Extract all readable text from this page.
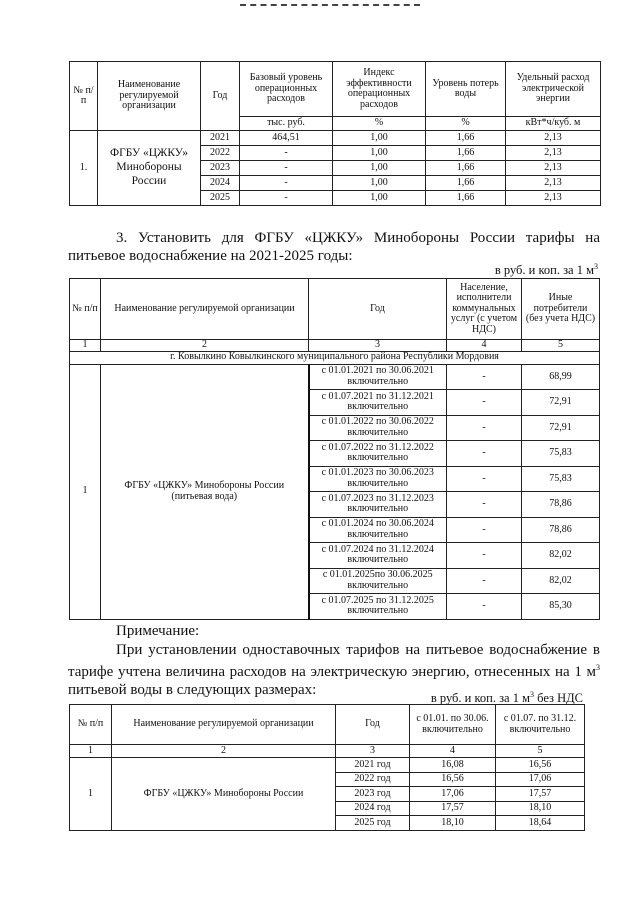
№ п/п	Наименование регулируемой организации	Год	Базовый уровень операционных расходов	Индекс эффективности операционных расходов	Уровень потерь воды	Удельный расход электрической энергии
			тыс. руб.	%	%	кВт*ч/куб. м
1.	ФГБУ «ЦЖКУ» Минобороны России	2021	464,51	1,00	1,66	2,13
		2022	-	1,00	1,66	2,13
		2023	-	1,00	1,66	2,13
		2024	-	1,00	1,66	2,13
		2025	-	1,00	1,66	2,13
3. Установить для ФГБУ «ЦЖКУ» Минобороны России тарифы на питьевое водоснабжение на 2021-2025 годы:
в руб. и коп. за 1 $м^3$
№ п/п	Наименование регулируемой организации	Год	Население, исполнители коммунальных услуг (с учетом НДС)	Иные потребители (без учета НДС)
1	2	3	4	5
г. Ковылкино Ковылкинского муниципального района Республики Мордовия				
1	ФГБУ «ЦЖКУ» Минобороны России (питьевая вода)	с 01.01.2021 по 30.06.2021 включительно	-	68,99
		с 01.07.2021 по 31.12.2021 включительно	-	72,91
		с 01.01.2022 по 30.06.2022 включительно	-	72,91
		с 01.07.2022 по 31.12.2022 включительно	-	75,83
		с 01.01.2023 по 30.06.2023 включительно	-	75,83
		с 01.07.2023 по 31.12.2023 включительно	-	78,86
		с 01.01.2024 по 30.06.2024 включительно	-	78,86
		с 01.07.2024 по 31.12.2024 включительно	-	82,02
		с 01.01.2025по 30.06.2025 включительно	-	82,02
		с 01.07.2025 по 31.12.2025 включительно	-	85,30
Примечание:
При установлении одноставочных тарифов на питьевое водоснабжение в тарифе учтена величина расходов на электрическую энергию, отнесенных на 1 $м^3$ питьевой воды в следующих размерах:
в руб. и коп. за 1 $м^3$ без НДС
№ п/п	Наименование регулируемой организации	Год	с 01.01. по 30.06. включительно	с 01.07. по 31.12. включительно
1	2	3	4	5
1	ФГБУ «ЦЖКУ» Минобороны России	2021 год	16,08	16,56
		2022 год	16,56	17,06
		2023 год	17,06	17,57
		2024 год	17,57	18,10
		2025 год	18,10	18,64
